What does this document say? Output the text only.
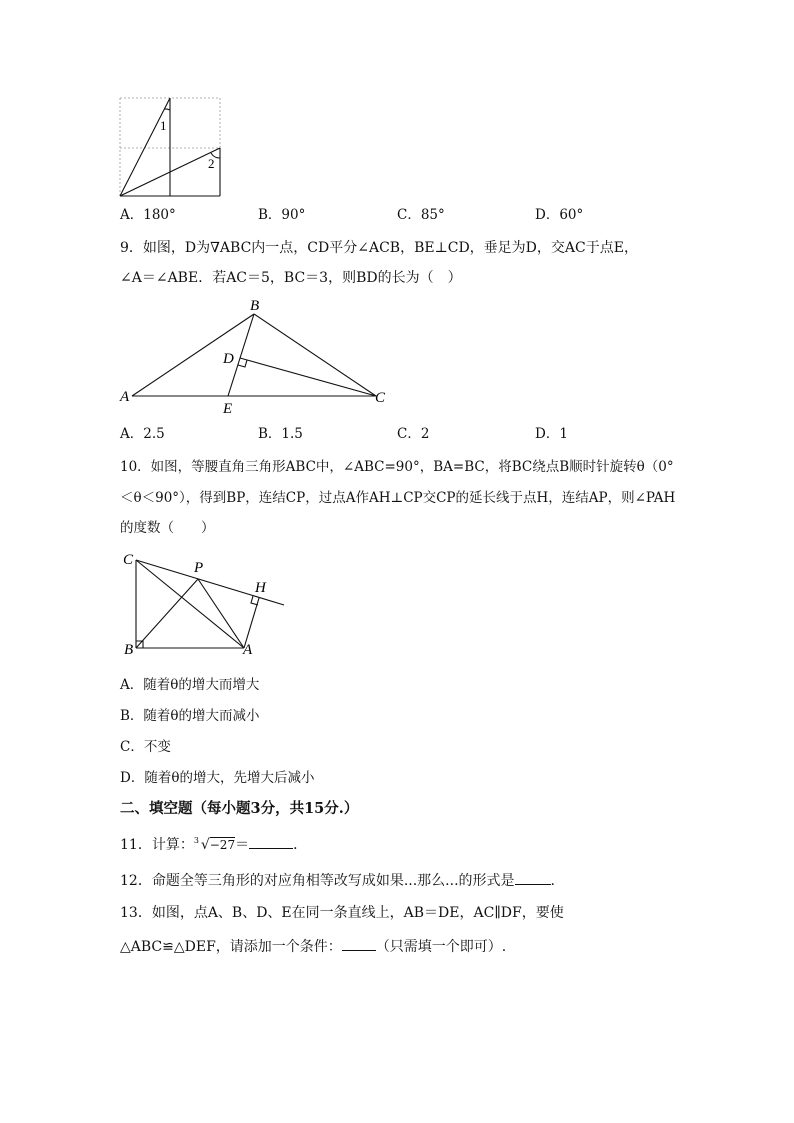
1
2
A．180°	B．90°	C．85°	D．60°
9．如图，D为∇ABC内一点，CD平分∠ACB，BE⊥CD，垂足为D，交AC于点E，
∠A＝∠ABE．若AC＝5，BC＝3，则BD的长为（　）
A
B
C
D
E
A．2.5	B．1.5	C．2	D．1
10．如图，等腰直角三角形ABC中，∠ABC=90°，BA=BC，将BC绕点B顺时针旋转θ（0°
＜θ＜90°），得到BP，连结CP，过点A作AH⊥CP交CP的延长线于点H，连结AP，则∠PAH
的度数（　　）
C	P
H
B	A
A．随着θ的增大而增大
B．随着θ的增大而减小
C．不变
D．随着θ的增大，先增大后减小
二、填空题（每小题3分，共15分.）
11．计算： 3 √−27＝	．
12．命题全等三角形的对应角相等改写成如果...那么...的形式是	.
13．如图，点A、B、D、E在同一条直线上，AB＝DE，AC∥DF，要使
△ABC≌△DEF，请添加一个条件： （只需填一个即可）.
